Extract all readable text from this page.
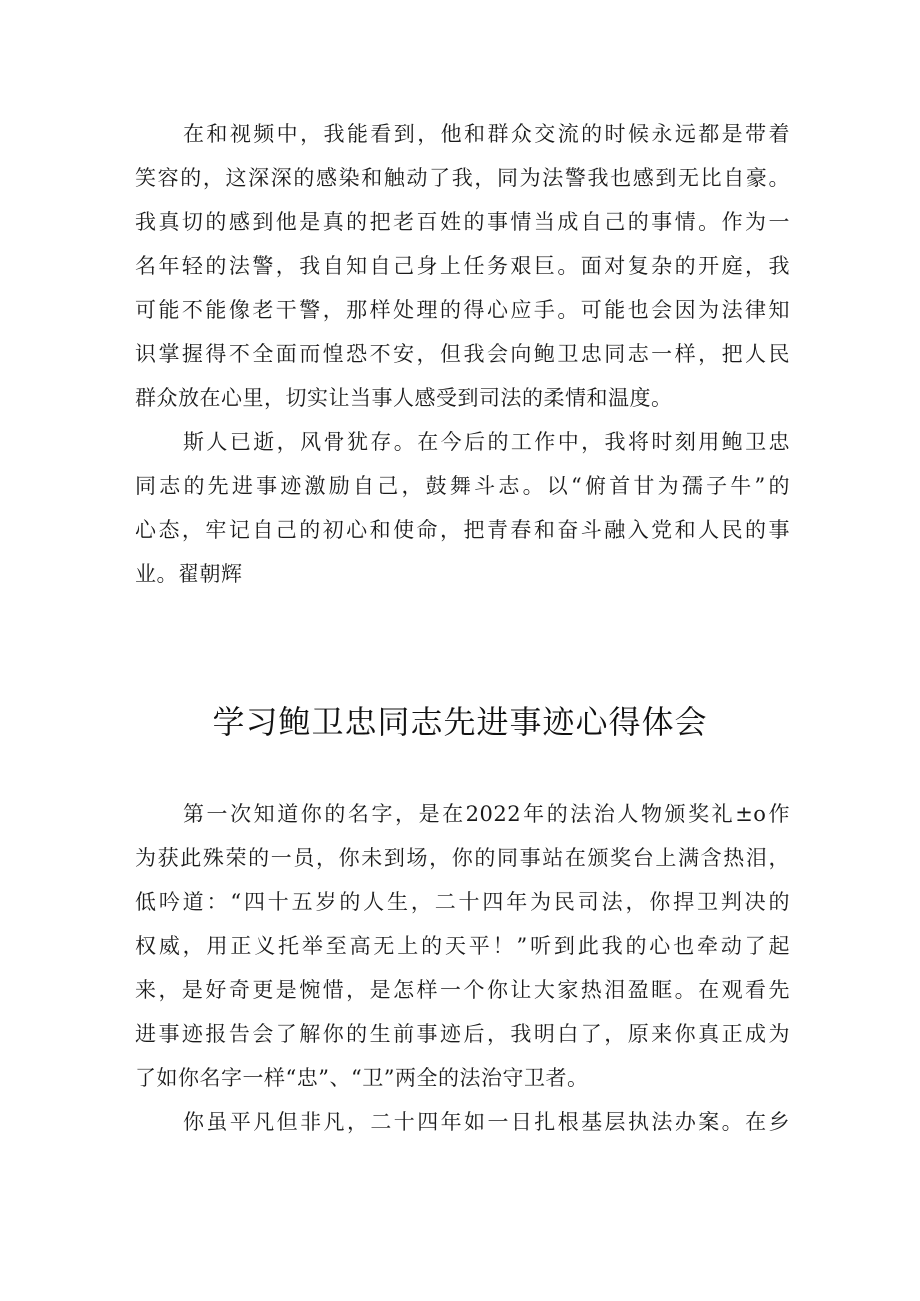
在和视频中，我能看到，他和群众交流的时候永远都是带着
笑容的，这深深的感染和触动了我，同为法警我也感到无比自豪。
我真切的感到他是真的把老百姓的事情当成自己的事情。作为一
名年轻的法警，我自知自己身上任务艰巨。面对复杂的开庭，我
可能不能像老干警，那样处理的得心应手。可能也会因为法律知
识掌握得不全面而惶恐不安，但我会向鲍卫忠同志一样，把人民
群众放在心里，切实让当事人感受到司法的柔情和温度。
斯人已逝，风骨犹存。在今后的工作中，我将时刻用鲍卫忠
同志的先进事迹激励自己，鼓舞斗志。以“俯首甘为孺子牛”的
心态，牢记自己的初心和使命，把青春和奋斗融入党和人民的事
业。翟朝辉
学习鲍卫忠同志先进事迹心得体会
第一次知道你的名字，是在2022年的法治人物颁奖礼±o作
为获此殊荣的一员，你未到场，你的同事站在颁奖台上满含热泪，
低吟道：“四十五岁的人生，二十四年为民司法，你捍卫判决的
权威，用正义托举至高无上的天平！”听到此我的心也牵动了起
来，是好奇更是惋惜，是怎样一个你让大家热泪盈眶。在观看先
进事迹报告会了解你的生前事迹后，我明白了，原来你真正成为
了如你名字一样“忠”、“卫”两全的法治守卫者。
你虽平凡但非凡，二十四年如一日扎根基层执法办案。在乡
